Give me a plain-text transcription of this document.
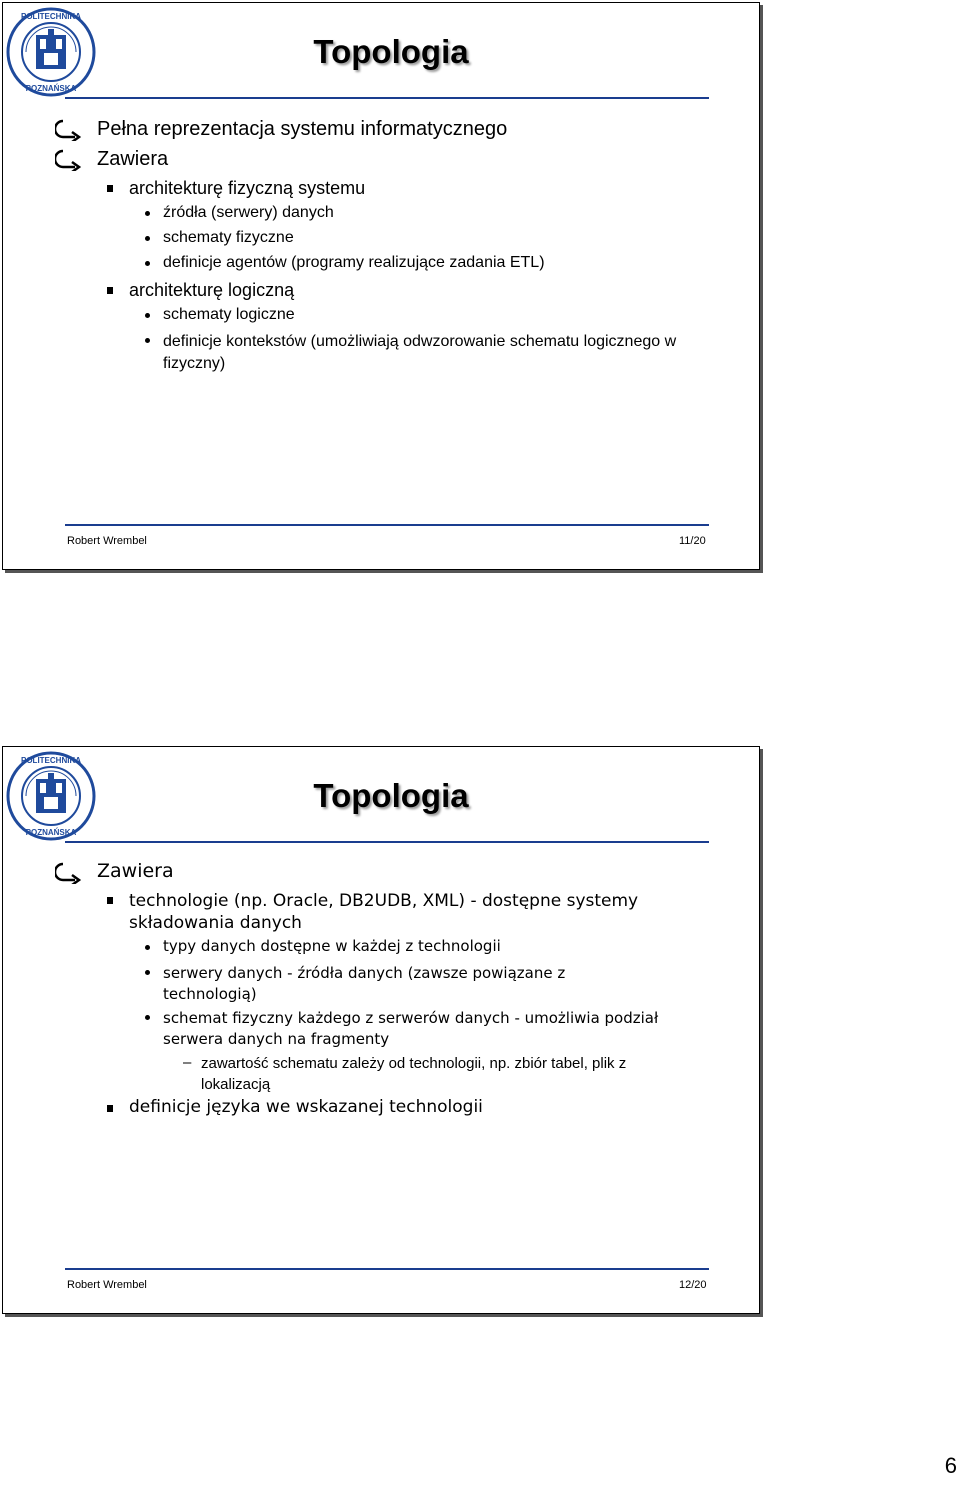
POLITECHNIKA
POZNAŃSKA
Topologia
Pełna reprezentacja systemu informatycznego
Zawiera
architekturę fizyczną systemu
źródła (serwery) danych
schematy fizyczne
definicje agentów (programy realizujące zadania ETL)
architekturę logiczną
schematy logiczne
definicje kontekstów (umożliwiają odwzorowanie schematu logicznego w fizyczny)
Robert Wrembel	11/20
POLITECHNIKA
POZNAŃSKA
Topologia
Zawiera
technologie (np. Oracle, DB2UDB, XML) - dostępne systemy składowania danych
typy danych dostępne w każdej z technologii
serwery danych - źródła danych (zawsze powiązane z technologią)
schemat fizyczny każdego z serwerów danych - umożliwia podział serwera danych na fragmenty
– zawartość schematu zależy od technologii, np. zbiór tabel, plik z lokalizacją
definicje języka we wskazanej technologii
Robert Wrembel	12/20
6
